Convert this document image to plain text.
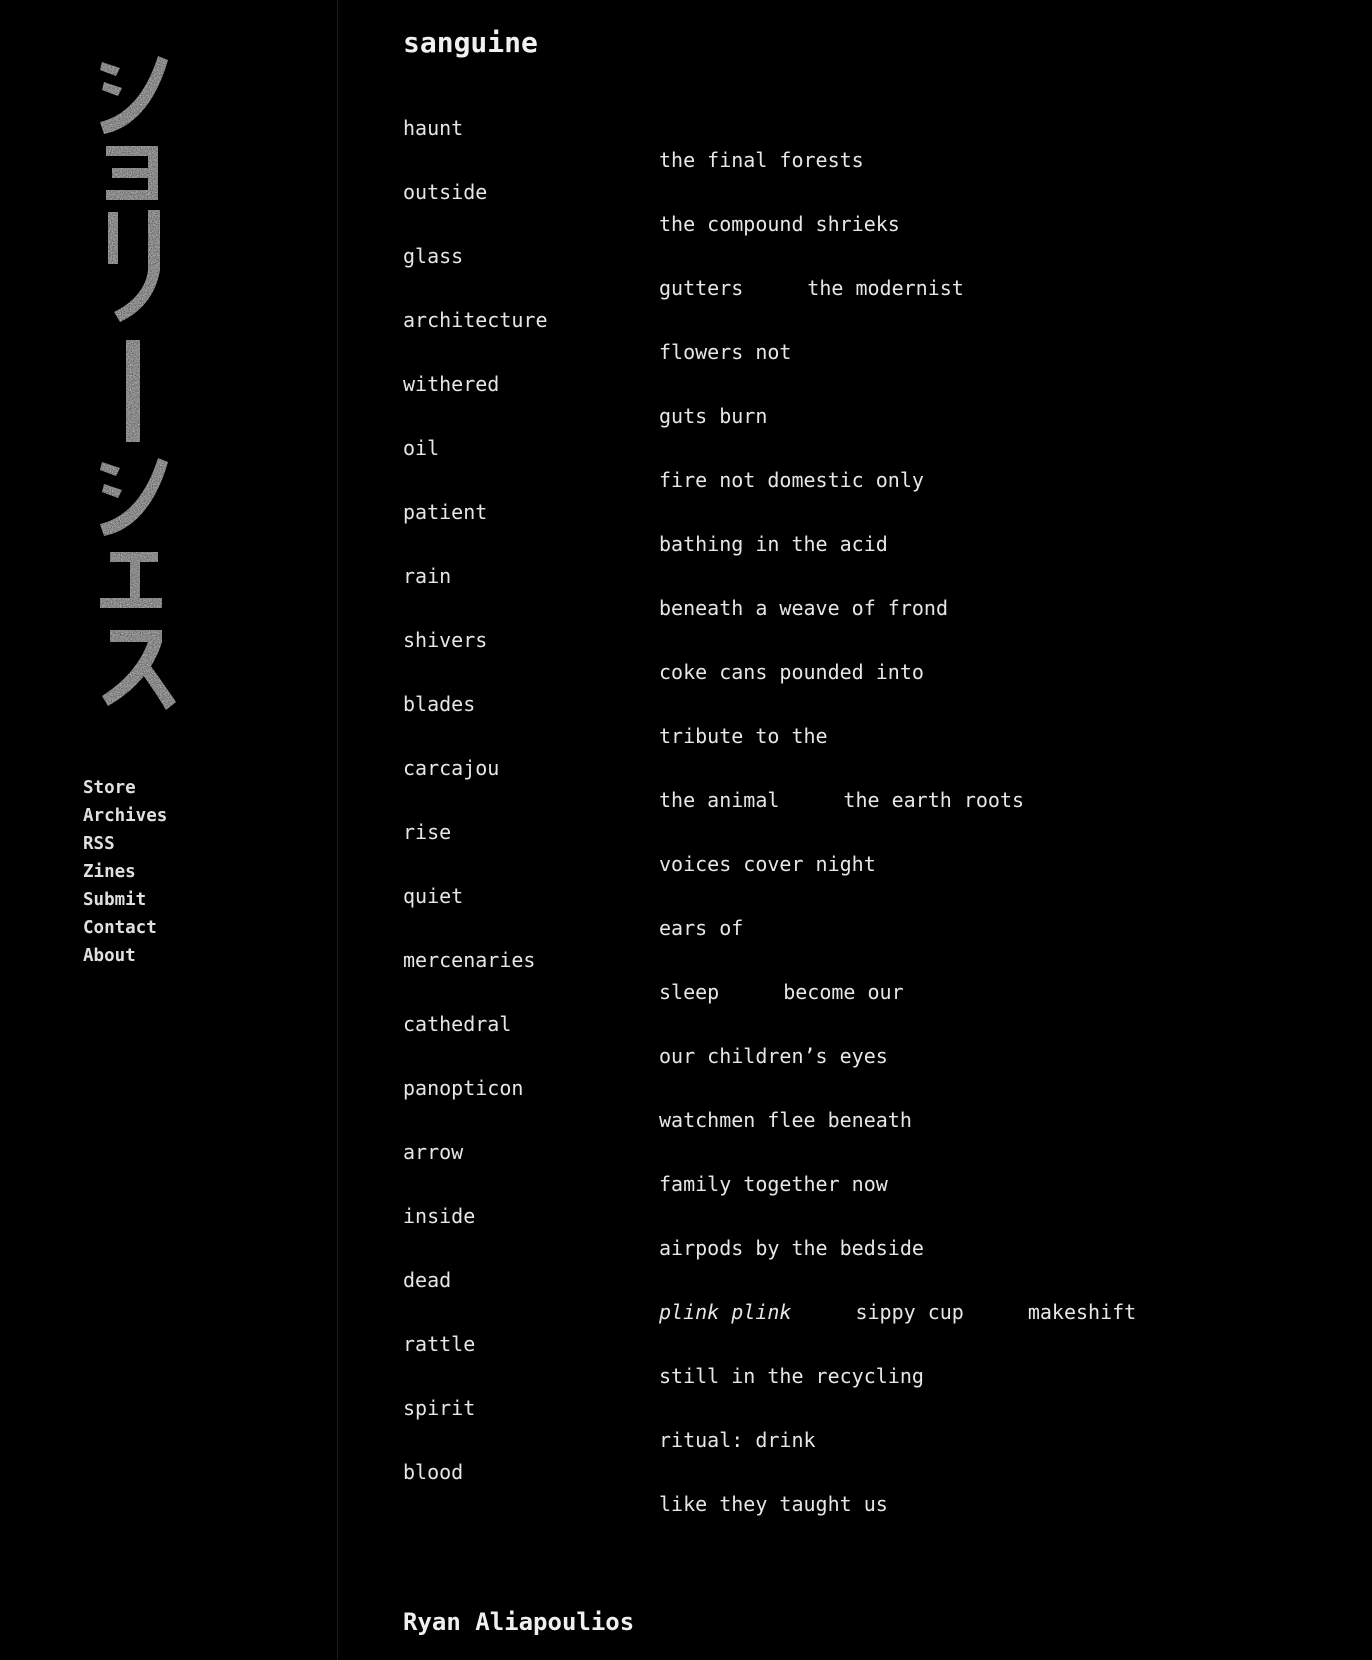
Store
Archives
RSS
Zines
Submit
Contact
About
sanguine
haunt
the final forests
outside
the compound shrieks
glass
gutters	the modernist
architecture
flowers not
withered
guts burn
oil
fire not domestic only
patient
bathing in the acid
rain
beneath a weave of frond
shivers
coke cans pounded into
blades
tribute to the
carcajou
the animal	the earth roots
rise
voices cover night
quiet
ears of
mercenaries
sleep	become our
cathedral
our children’s eyes
panopticon
watchmen flee beneath
arrow
family together now
inside
airpods by the bedside
dead
plink plink	sippy cup	makeshift
rattle
still in the recycling
spirit
ritual: drink
blood
like they taught us
Ryan Aliapoulios
